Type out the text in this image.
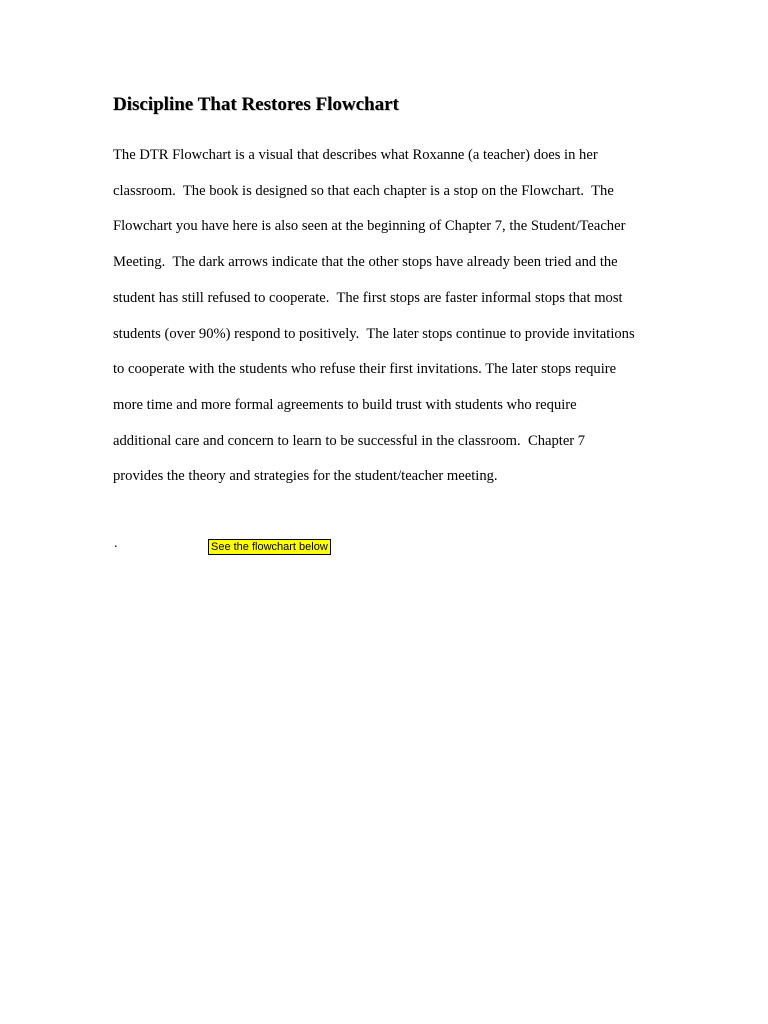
Discipline That Restores Flowchart
The DTR Flowchart is a visual that describes what Roxanne (a teacher) does in her
classroom.  The book is designed so that each chapter is a stop on the Flowchart.  The
Flowchart you have here is also seen at the beginning of Chapter 7, the Student/Teacher
Meeting.  The dark arrows indicate that the other stops have already been tried and the
student has still refused to cooperate.  The first stops are faster informal stops that most
students (over 90%) respond to positively.  The later stops continue to provide invitations
to cooperate with the students who refuse their first invitations. The later stops require
more time and more formal agreements to build trust with students who require
additional care and concern to learn to be successful in the classroom.  Chapter 7
provides the theory and strategies for the student/teacher meeting.
.	See the flowchart below
